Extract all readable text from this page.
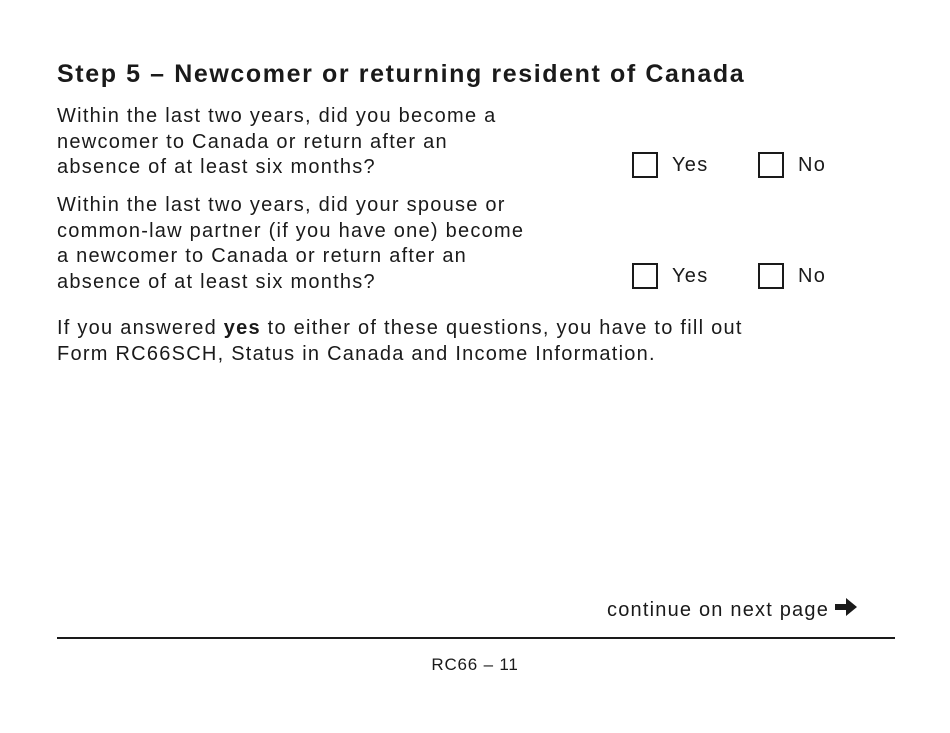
Step 5 – Newcomer or returning resident of Canada

Within the last two years, did you become a
newcomer to Canada or return after an
absence of at least six months?	Yes	No

Within the last two years, did your spouse or
common-law partner (if you have one) become
a newcomer to Canada or return after an
absence of at least six months?	Yes	No

If you answered yes to either of these questions, you have to fill out
Form RC66SCH, Status in Canada and Income Information.

continue on next page
RC66 – 11
